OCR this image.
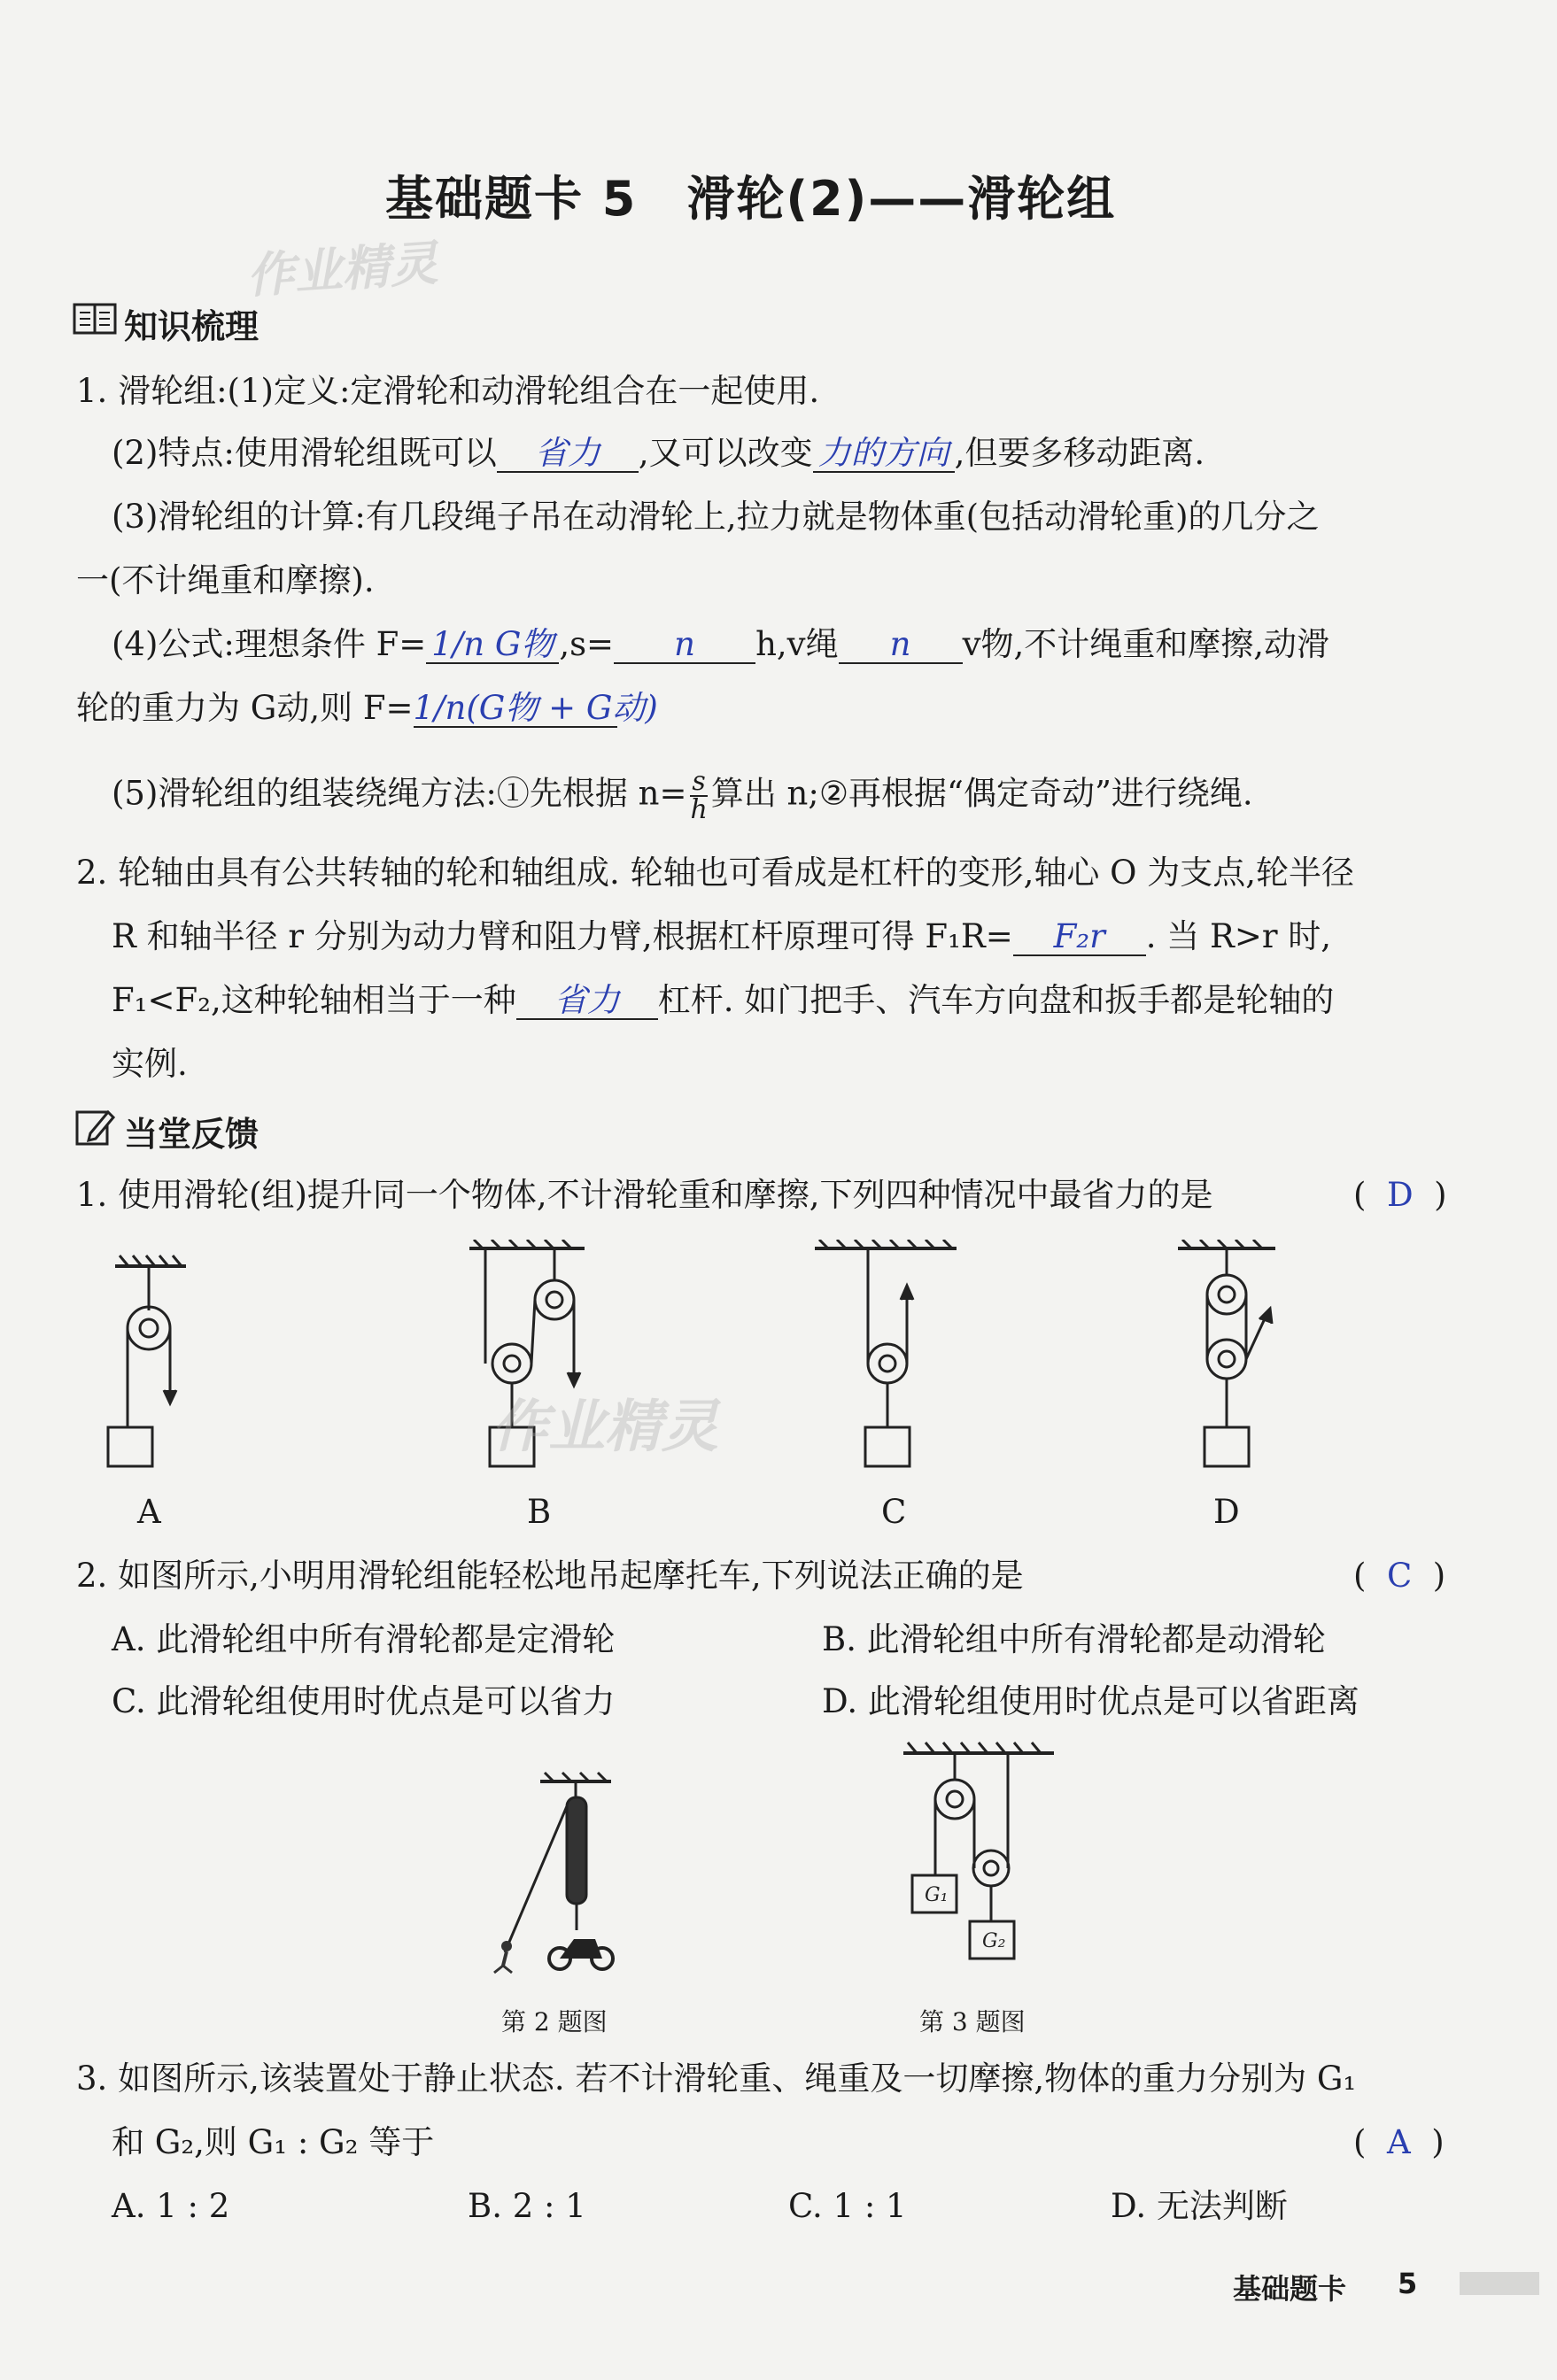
基础题卡 5　滑轮(2)——滑轮组
作业精灵
知识梳理
1. 滑轮组:(1)定义:定滑轮和动滑轮组合在一起使用.
(2)特点:使用滑轮组既可以 省力 ,又可以改变 力的方向 ,但要多移动距离.
(3)滑轮组的计算:有几段绳子吊在动滑轮上,拉力就是物体重(包括动滑轮重)的几分之
一(不计绳重和摩擦).
(4)公式:理想条件 F= 1/n G物 ,s= n h,v绳 n v物,不计绳重和摩擦,动滑
轮的重力为 G动,则 F=1/n(G物 + G动)
(5)滑轮组的组装绕绳方法:①先根据 $n= \frac{s}{h}$ 算出 n;②再根据“偶定奇动”进行绕绳.
2. 轮轴由具有公共转轴的轮和轴组成. 轮轴也可看成是杠杆的变形,轴心 O 为支点,轮半径
R 和轴半径 r 分别为动力臂和阻力臂,根据杠杆原理可得 F₁R= F₂r . 当 R>r 时,
F₁<F₂,这种轮轴相当于一种 省力 杠杆. 如门把手、汽车方向盘和扳手都是轮轴的
实例.
当堂反馈
1. 使用滑轮(组)提升同一个物体,不计滑轮重和摩擦,下列四种情况中最省力的是	(  D  )
A	B	C	D
作业精灵
2. 如图所示,小明用滑轮组能轻松地吊起摩托车,下列说法正确的是	(  C  )
A. 此滑轮组中所有滑轮都是定滑轮	B. 此滑轮组中所有滑轮都是动滑轮
C. 此滑轮组使用时优点是可以省力	D. 此滑轮组使用时优点是可以省距离
第 2 题图
G₁
G₂
第 3 题图
3. 如图所示,该装置处于静止状态. 若不计滑轮重、绳重及一切摩擦,物体的重力分别为 G₁
和 G₂,则 G₁ : G₂ 等于	(  A  )
A. 1 : 2	B. 2 : 1	C. 1 : 1	D. 无法判断
基础题卡 5
